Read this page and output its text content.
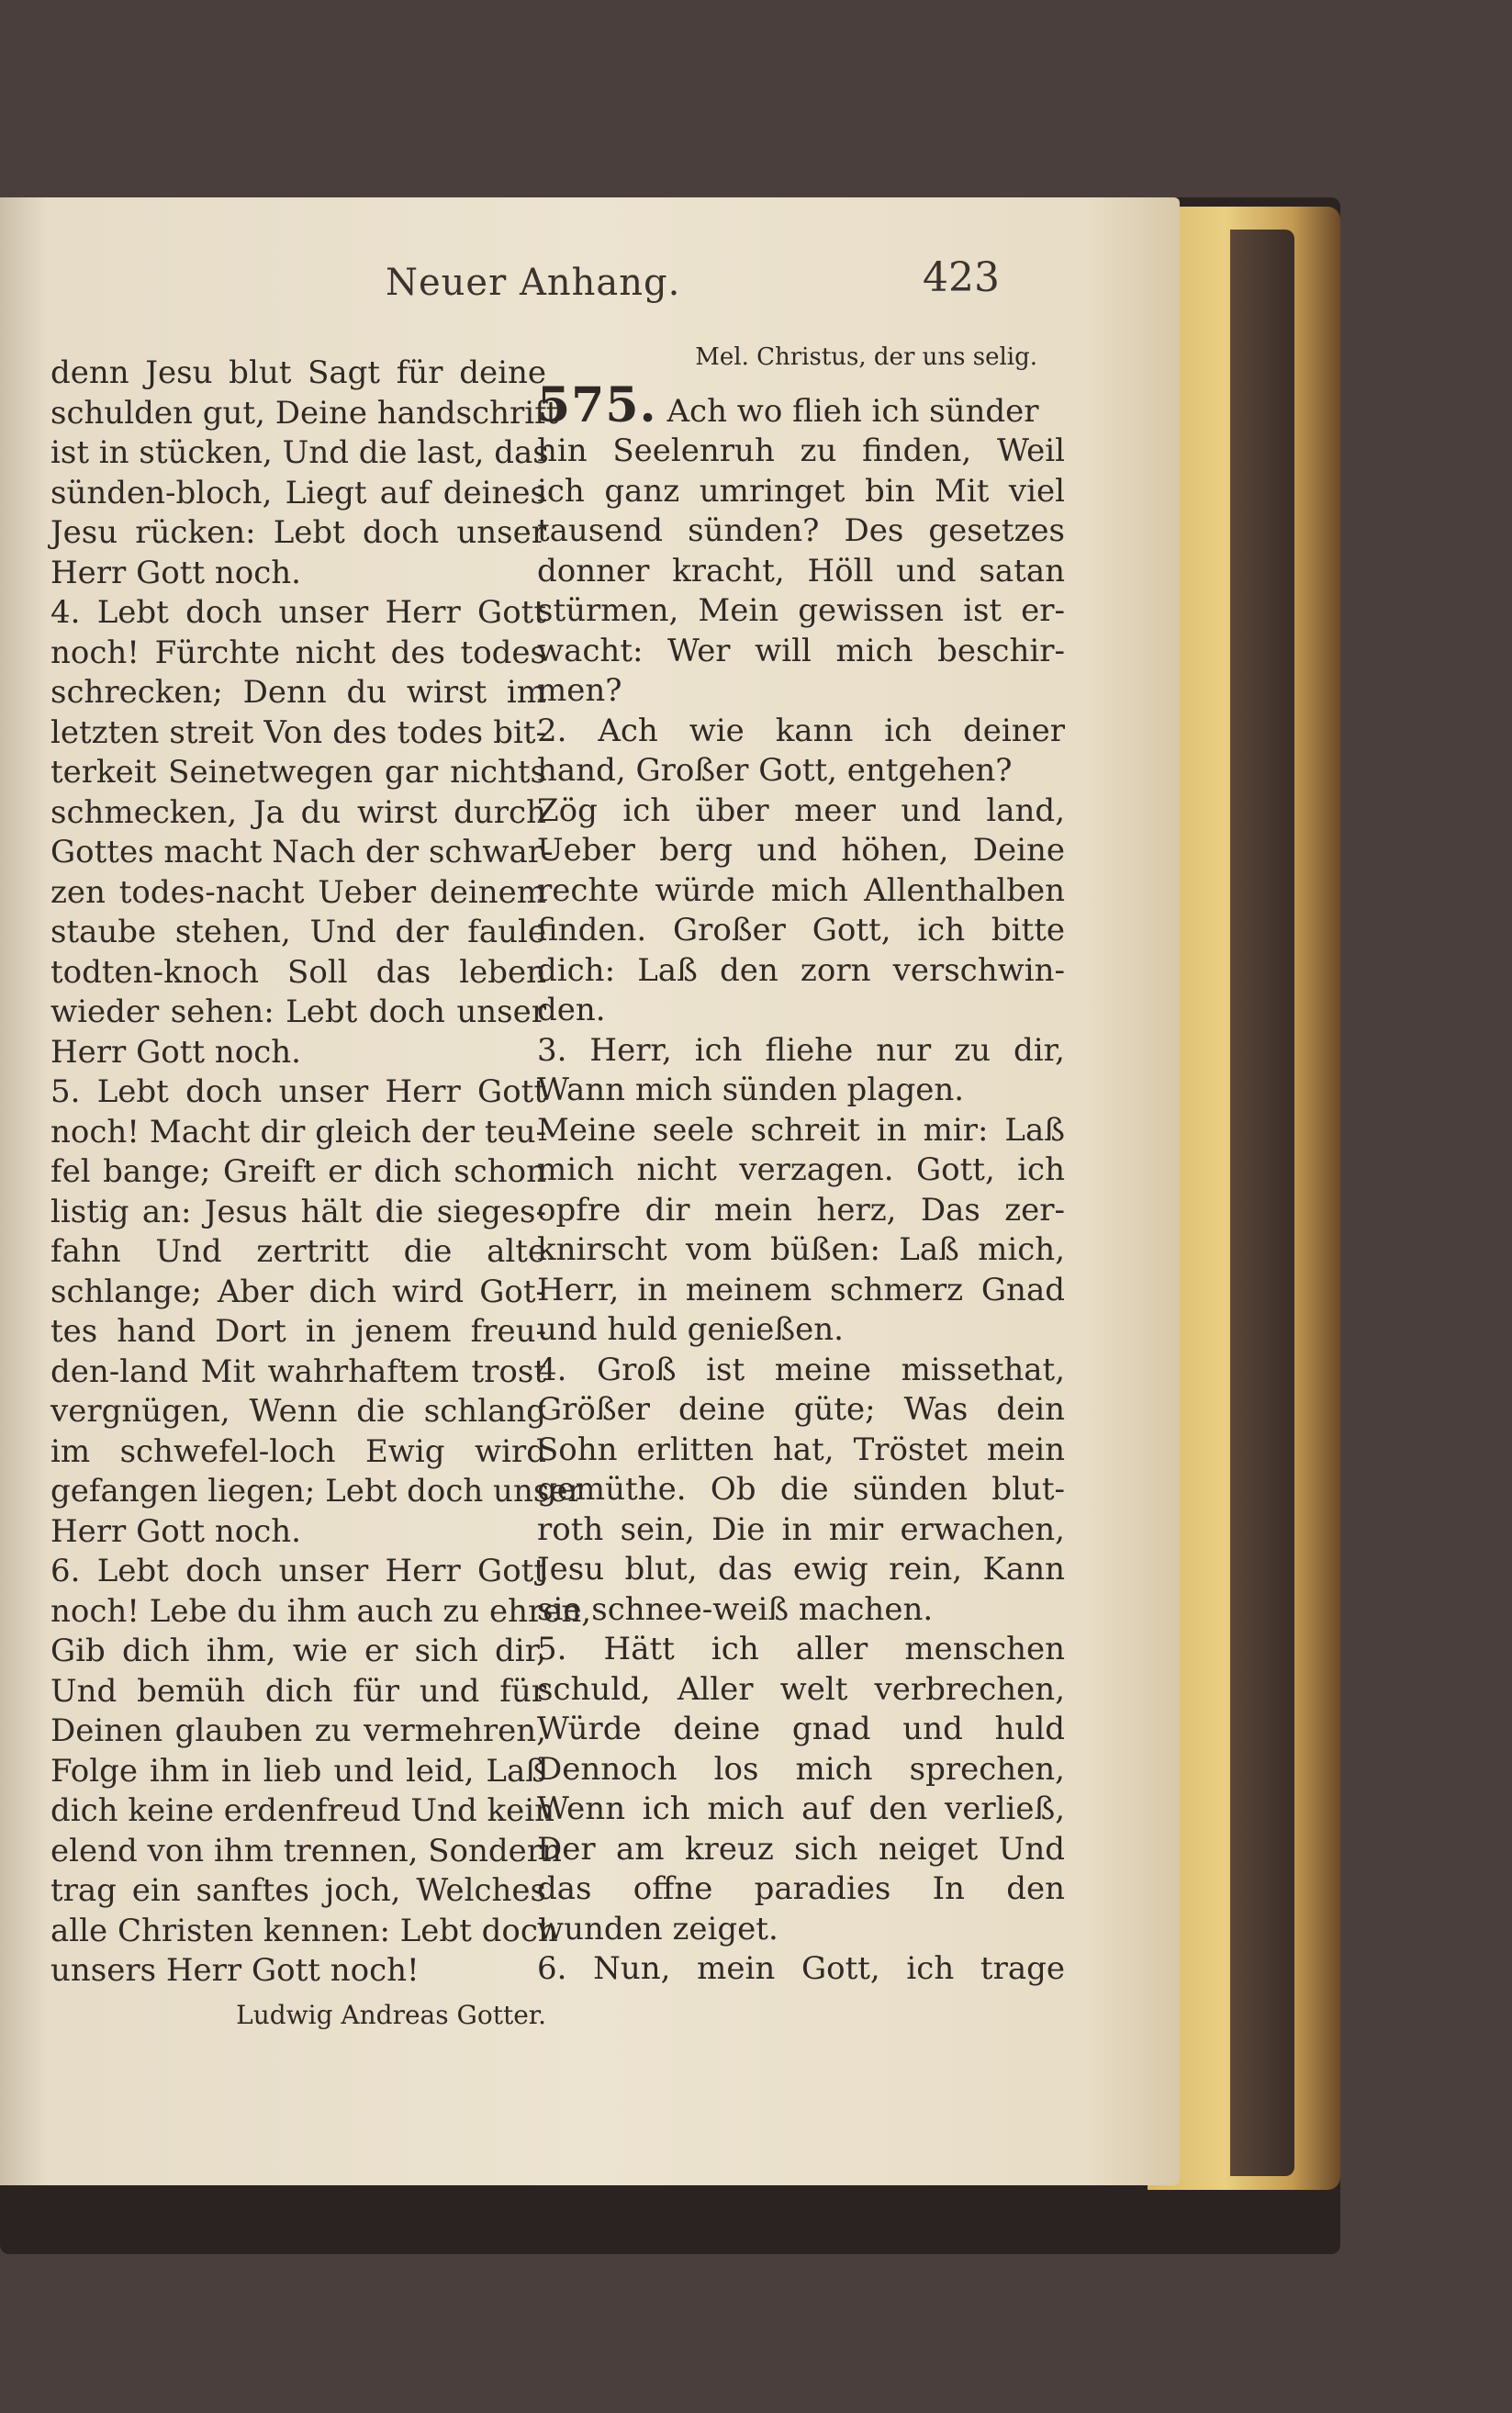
Neuer Anhang.	423
denn Jesu blut Sagt für deine
schulden gut, Deine handschrift
ist in stücken, Und die last, das
sünden-bloch, Liegt auf deines
Jesu rücken: Lebt doch unser
Herr Gott noch.
4. Lebt doch unser Herr Gott
noch! Fürchte nicht des todes
schrecken; Denn du wirst im
letzten streit Von des todes bit-
terkeit Seinetwegen gar nichts
schmecken, Ja du wirst durch
Gottes macht Nach der schwar-
zen todes-nacht Ueber deinem
staube stehen, Und der faule
todten-knoch Soll das leben
wieder sehen: Lebt doch unser
Herr Gott noch.
5. Lebt doch unser Herr Gott
noch! Macht dir gleich der teu-
fel bange; Greift er dich schon
listig an: Jesus hält die sieges-
fahn Und zertritt die alte
schlange; Aber dich wird Got-
tes hand Dort in jenem freu-
den-land Mit wahrhaftem trost
vergnügen, Wenn die schlang
im schwefel-loch Ewig wird
gefangen liegen; Lebt doch unser
Herr Gott noch.
6. Lebt doch unser Herr Gott
noch! Lebe du ihm auch zu ehren,
Gib dich ihm, wie er sich dir,
Und bemüh dich für und für
Deinen glauben zu vermehren,
Folge ihm in lieb und leid, Laß
dich keine erdenfreud Und kein
elend von ihm trennen, Sondern
trag ein sanftes joch, Welches
alle Christen kennen: Lebt doch
unsers Herr Gott noch!
Ludwig Andreas Gotter.
Mel. Christus, der uns selig.
575. Ach wo flieh ich sünder
hin Seelenruh zu finden, Weil
ich ganz umringet bin Mit viel
tausend sünden? Des gesetzes
donner kracht, Höll und satan
stürmen, Mein gewissen ist er-
wacht: Wer will mich beschir-
men?
2. Ach wie kann ich deiner
hand, Großer Gott, entgehen?
Zög ich über meer und land,
Ueber berg und höhen, Deine
rechte würde mich Allenthalben
finden. Großer Gott, ich bitte
dich: Laß den zorn verschwin-
den.
3. Herr, ich fliehe nur zu dir,
Wann mich sünden plagen.
Meine seele schreit in mir: Laß
mich nicht verzagen. Gott, ich
opfre dir mein herz, Das zer-
knirscht vom büßen: Laß mich,
Herr, in meinem schmerz Gnad
und huld genießen.
4. Groß ist meine missethat,
Größer deine güte; Was dein
Sohn erlitten hat, Tröstet mein
gemüthe. Ob die sünden blut-
roth sein, Die in mir erwachen,
Jesu blut, das ewig rein, Kann
sie schnee-weiß machen.
5. Hätt ich aller menschen
schuld, Aller welt verbrechen,
Würde deine gnad und huld
Dennoch los mich sprechen,
Wenn ich mich auf den verließ,
Der am kreuz sich neiget Und
das offne paradies In den
wunden zeiget.
6. Nun, mein Gott, ich trage
